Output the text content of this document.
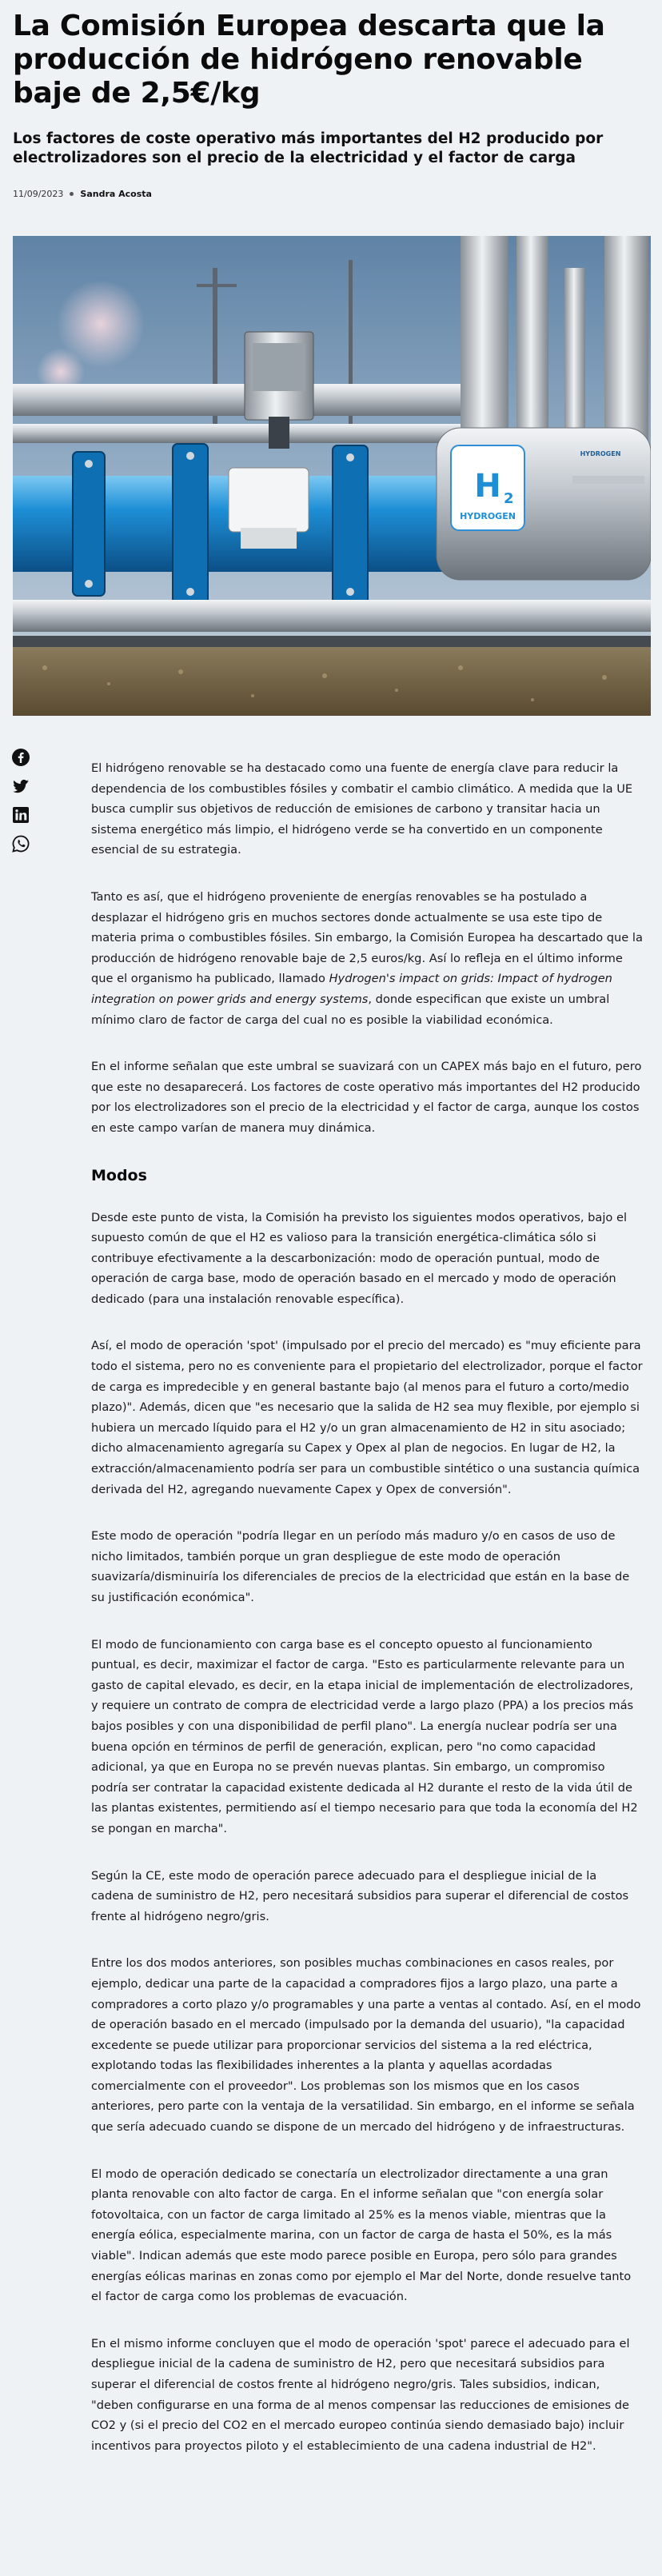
La Comisión Europea descarta que la producción de hidrógeno renovable baje de 2,5€/kg

Los factores de coste operativo más importantes del H2 producido por electrolizadores son el precio de la electricidad y el factor de carga

11/09/2023 Sandra Acosta
H 2
HYDROGEN
HYDROGEN

El hidrógeno renovable se ha destacado como una fuente de energía clave para reducir la dependencia de los combustibles fósiles y combatir el cambio climático. A medida que la UE busca cumplir sus objetivos de reducción de emisiones de carbono y transitar hacia un sistema energético más limpio, el hidrógeno verde se ha convertido en un componente esencial de su estrategia.

Tanto es así, que el hidrógeno proveniente de energías renovables se ha postulado a desplazar el hidrógeno gris en muchos sectores donde actualmente se usa este tipo de materia prima o combustibles fósiles. Sin embargo, la Comisión Europea ha descartado que la producción de hidrógeno renovable baje de 2,5 euros/kg. Así lo refleja en el último informe que el organismo ha publicado, llamado Hydrogen's impact on grids: Impact of hydrogen integration on power grids and energy systems, donde especifican que existe un umbral mínimo claro de factor de carga del cual no es posible la viabilidad económica.

En el informe señalan que este umbral se suavizará con un CAPEX más bajo en el futuro, pero que este no desaparecerá. Los factores de coste operativo más importantes del H2 producido por los electrolizadores son el precio de la electricidad y el factor de carga, aunque los costos en este campo varían de manera muy dinámica.

Modos

Desde este punto de vista, la Comisión ha previsto los siguientes modos operativos, bajo el supuesto común de que el H2 es valioso para la transición energética-climática sólo si contribuye efectivamente a la descarbonización: modo de operación puntual, modo de operación de carga base, modo de operación basado en el mercado y modo de operación dedicado (para una instalación renovable específica).

Así, el modo de operación 'spot' (impulsado por el precio del mercado) es "muy eficiente para todo el sistema, pero no es conveniente para el propietario del electrolizador, porque el factor de carga es impredecible y en general bastante bajo (al menos para el futuro a corto/medio plazo)". Además, dicen que "es necesario que la salida de H2 sea muy flexible, por ejemplo si hubiera un mercado líquido para el H2 y/o un gran almacenamiento de H2 in situ asociado; dicho almacenamiento agregaría su Capex y Opex al plan de negocios. En lugar de H2, la extracción/almacenamiento podría ser para un combustible sintético o una sustancia química derivada del H2, agregando nuevamente Capex y Opex de conversión".

Este modo de operación "podría llegar en un período más maduro y/o en casos de uso de nicho limitados, también porque un gran despliegue de este modo de operación suavizaría/disminuiría los diferenciales de precios de la electricidad que están en la base de su justificación económica".

El modo de funcionamiento con carga base es el concepto opuesto al funcionamiento puntual, es decir, maximizar el factor de carga. "Esto es particularmente relevante para un gasto de capital elevado, es decir, en la etapa inicial de implementación de electrolizadores, y requiere un contrato de compra de electricidad verde a largo plazo (PPA) a los precios más bajos posibles y con una disponibilidad de perfil plano". La energía nuclear podría ser una buena opción en términos de perfil de generación, explican, pero "no como capacidad adicional, ya que en Europa no se prevén nuevas plantas. Sin embargo, un compromiso podría ser contratar la capacidad existente dedicada al H2 durante el resto de la vida útil de las plantas existentes, permitiendo así el tiempo necesario para que toda la economía del H2 se pongan en marcha".

Según la CE, este modo de operación parece adecuado para el despliegue inicial de la cadena de suministro de H2, pero necesitará subsidios para superar el diferencial de costos frente al hidrógeno negro/gris.

Entre los dos modos anteriores, son posibles muchas combinaciones en casos reales, por ejemplo, dedicar una parte de la capacidad a compradores fijos a largo plazo, una parte a compradores a corto plazo y/o programables y una parte a ventas al contado. Así, en el modo de operación basado en el mercado (impulsado por la demanda del usuario), "la capacidad excedente se puede utilizar para proporcionar servicios del sistema a la red eléctrica, explotando todas las flexibilidades inherentes a la planta y aquellas acordadas comercialmente con el proveedor". Los problemas son los mismos que en los casos anteriores, pero parte con la ventaja de la versatilidad. Sin embargo, en el informe se señala que sería adecuado cuando se dispone de un mercado del hidrógeno y de infraestructuras.

El modo de operación dedicado se conectaría un electrolizador directamente a una gran planta renovable con alto factor de carga. En el informe señalan que "con energía solar fotovoltaica, con un factor de carga limitado al 25% es la menos viable, mientras que la energía eólica, especialmente marina, con un factor de carga de hasta el 50%, es la más viable". Indican además que este modo parece posible en Europa, pero sólo para grandes energías eólicas marinas en zonas como por ejemplo el Mar del Norte, donde resuelve tanto el factor de carga como los problemas de evacuación.

En el mismo informe concluyen que el modo de operación 'spot' parece el adecuado para el despliegue inicial de la cadena de suministro de H2, pero que necesitará subsidios para superar el diferencial de costos frente al hidrógeno negro/gris. Tales subsidios, indican, "deben configurarse en una forma de al menos compensar las reducciones de emisiones de CO2 y (si el precio del CO2 en el mercado europeo continúa siendo demasiado bajo) incluir incentivos para proyectos piloto y el establecimiento de una cadena industrial de H2".
